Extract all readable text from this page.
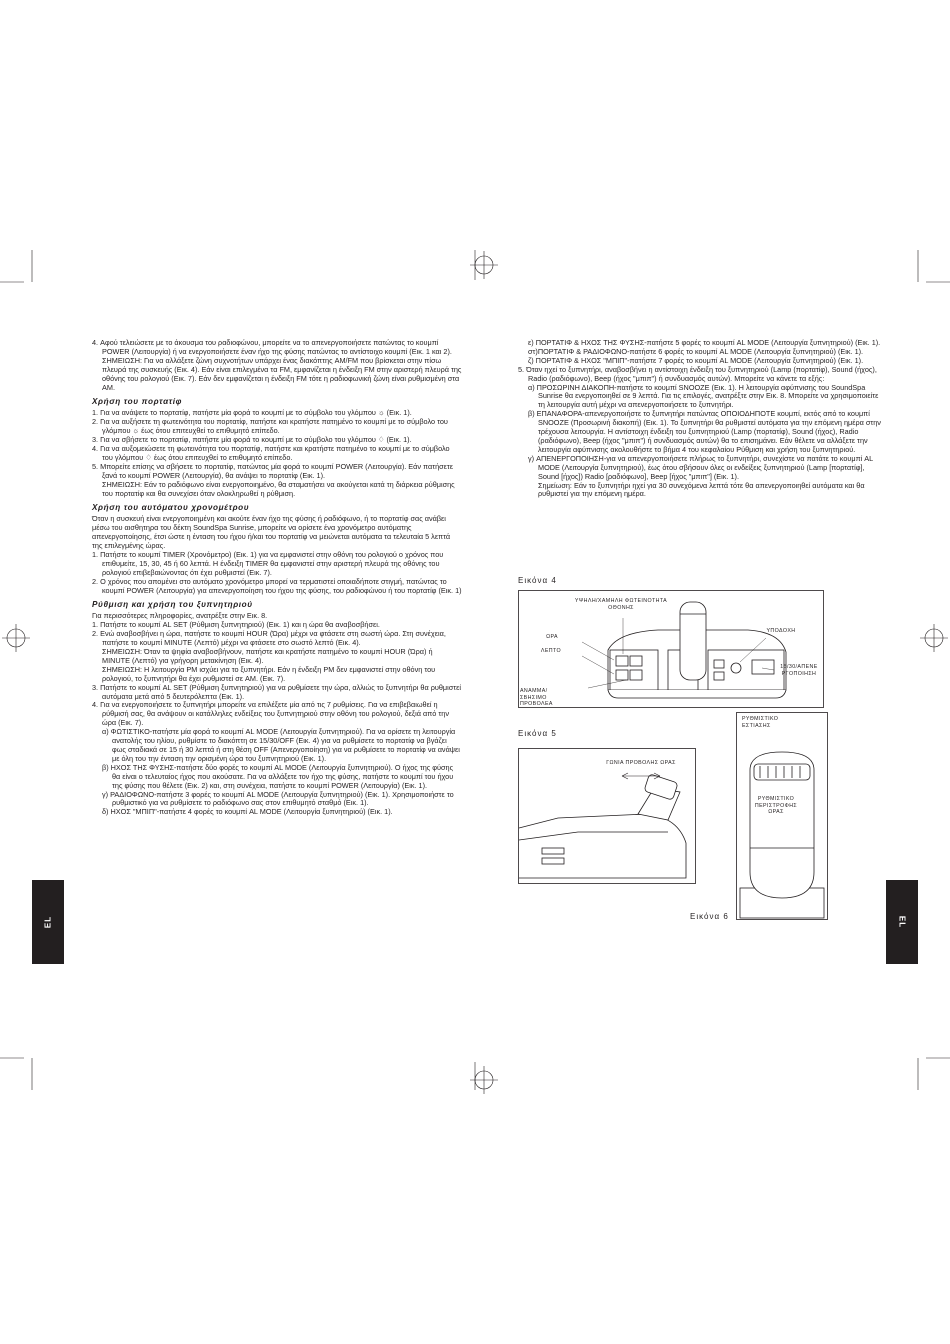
4. Αφού τελειώσετε με το άκουσμα του ραδιοφώνου, μπορείτε να το απενεργοποιήσετε πατώντας το κουμπί POWER (Λειτουργία) ή να ενεργοποιήσετε έναν ήχο της φύσης πατώντας το αντίστοιχο κουμπί (Εικ. 1 και 2).

ΣΗΜΕΙΩΣΗ: Για να αλλάξετε ζώνη συχνοτήτων υπάρχει ένας διακόπτης AM/FM που βρίσκεται στην πίσω πλευρά της συσκευής (Εικ. 4). Εάν είναι επιλεγμένα τα FM, εμφανίζεται η ένδειξη FM στην αριστερή πλευρά της οθόνης του ρολογιού (Εικ. 7). Εάν δεν εμφανίζεται η ένδειξη FM τότε η ραδιοφωνική ζώνη είναι ρυθμισμένη στα AM.

Χρήση του πορτατίφ

1. Για να ανάψετε το πορτατίφ, πατήστε μία φορά το κουμπί με το σύμβολο του γλόμπου ☼ (Εικ. 1).

2. Για να αυξήσετε τη φωτεινότητα του πορτατίφ, πατήστε και κρατήστε πατημένο το κουμπί με το σύμβολο του γλόμπου ☼ έως ότου επιτευχθεί το επιθυμητό επίπεδο.

3. Για να σβήσετε το πορτατίφ, πατήστε μία φορά το κουμπί με το σύμβολο του γλόμπου ♢ (Εικ. 1).

4. Για να αυξομειώσετε τη φωτεινότητα του πορτατίφ, πατήστε και κρατήστε πατημένο το κουμπί με το σύμβολο του γλόμπου ♢ έως ότου επιτευχθεί το επιθυμητό επίπεδο.

5. Μπορείτε επίσης να σβήσετε το πορτατίφ, πατώντας μία φορά το κουμπί POWER (Λειτουργία). Εάν πατήσετε ξανά το κουμπί POWER (Λειτουργία), θα ανάψει το πορτατίφ (Εικ. 1).

ΣΗΜΕΙΩΣΗ: Εάν το ραδιόφωνο είναι ενεργοποιημένο, θα σταματήσει να ακούγεται κατά τη διάρκεια ρύθμισης του πορτατίφ και θα συνεχίσει όταν ολοκληρωθεί η ρύθμιση.

Χρήση του αυτόματου χρονομέτρου

Όταν η συσκευή είναι ενεργοποιημένη και ακούτε έναν ήχο της φύσης ή ραδιόφωνο, ή το πορτατίφ σας ανάβει μέσω του αισθητηρα του δέκτη SoundSpa Sunrise, μπορείτε να ορίσετε ένα χρονόμετρο αυτόματης απενεργοποίησης, έτσι ώστε η ένταση του ήχου ή/και του πορτατίφ να μειώνεται αυτόματα τα τελευταία 5 λεπτά της επιλεγμένης ώρας.

1. Πατήστε το κουμπί TIMER (Χρονόμετρο) (Εικ. 1) για να εμφανιστεί στην οθόνη του ρολογιού ο χρόνος που επιθυμείτε, 15, 30, 45 ή 60 λεπτά. Η ένδειξη TIMER θα εμφανιστεί στην αριστερή πλευρά της οθόνης του ρολογιού επιβεβαιώνοντας ότι έχει ρυθμιστεί (Εικ. 7).

2. Ο χρόνος που απομένει στο αυτόματο χρονόμετρο μπορεί να τερματιστεί οποιαδήποτε στιγμή, πατώντας το κουμπί POWER (Λειτουργία) για απενεργοποίηση του ήχου της φύσης, του ραδιοφώνου ή του πορτατίφ (Εικ. 1)

Ρύθμιση και χρήση του ξυπνητηριού

Για περισσότερες πληροφορίες, ανατρέξτε στην Εικ. 8.

1. Πατήστε το κουμπί AL SET (Ρύθμιση ξυπνητηριού) (Εικ. 1) και η ώρα θα αναβοσβήσει.

2. Ενώ αναβοσβήνει η ώρα, πατήστε το κουμπί HOUR (Ώρα) μέχρι να φτάσετε στη σωστή ώρα. Στη συνέχεια, πατήστε το κουμπί MINUTE (Λεπτό) μέχρι να φτάσετε στο σωστό λεπτό (Εικ. 4).

ΣΗΜΕΙΩΣΗ: Όταν τα ψηφία αναβοσβήνουν, πατήστε και κρατήστε πατημένο το κουμπί HOUR (Ώρα) ή MINUTE (Λεπτό) για γρήγορη μετακίνηση (Εικ. 4).

ΣΗΜΕΙΩΣΗ: Η λειτουργία PM ισχύει για το ξυπνητήρι. Εάν η ένδειξη PM δεν εμφανιστεί στην οθόνη του ρολογιού, το ξυπνητήρι θα έχει ρυθμιστεί σε AM. (Εικ. 7).

3. Πατήστε το κουμπί AL SET (Ρύθμιση ξυπνητηριού) για να ρυθμίσετε την ώρα, αλλιώς το ξυπνητήρι θα ρυθμιστεί αυτόματα μετά από 5 δευτερόλεπτα (Εικ. 1).

4. Για να ενεργοποιήσετε το ξυπνητήρι μπορείτε να επιλέξετε μία από τις 7 ρυθμίσεις. Για να επιβεβαιωθεί η ρύθμισή σας, θα ανάψουν οι κατάλληλες ενδείξεις του ξυπνητηριού στην οθόνη του ρολογιού, δεξιά από την ώρα (Εικ. 7).

α) ΦΩΤΙΣΤΙΚΟ-πατήστε μία φορά το κουμπί AL MODE (Λειτουργία ξυπνητηριού). Για να ορίσετε τη λειτουργία ανατολής του ηλίου, ρυθμίστε το διακόπτη σε 15/30/OFF (Εικ. 4) για να ρυθμίσετε το πορτατίφ να βγάζει φως σταδιακά σε 15 ή 30 λεπτά ή στη θέση OFF (Απενεργοποίηση) για να ρυθμίσετε το πορτατίφ να ανάψει με όλη του την ένταση την ορισμένη ώρα του ξυπνητηριού (Εικ. 1).

β) ΗΧΟΣ ΤΗΣ ΦΥΣΗΣ-πατήστε δύο φορές το κουμπί AL MODE (Λειτουργία ξυπνητηριού). Ο ήχος της φύσης θα είναι ο τελευταίος ήχος που ακούσατε. Για να αλλάξετε τον ήχο της φύσης, πατήστε το κουμπί του ήχου της φύσης που θέλετε (Εικ. 2) και, στη συνέχεια, πατήστε το κουμπί POWER (Λειτουργία) (Εικ. 1).

γ) ΡΑΔΙΟΦΩΝΟ-πατήστε 3 φορές το κουμπί AL MODE (Λειτουργία ξυπνητηριού) (Εικ. 1). Χρησιμοποιήστε το ρυθμιστικό για να ρυθμίσετε το ραδιόφωνο σας στον επιθυμητό σταθμό (Εικ. 1).

δ) ΗΧΟΣ "ΜΠΙΠ"-πατήστε 4 φορές το κουμπί AL MODE (Λειτουργία ξυπνητηριού) (Εικ. 1).

ε) ΠΟΡΤΑΤΙΦ & ΗΧΟΣ ΤΗΣ ΦΥΣΗΣ-πατήστε 5 φορές το κουμπί AL MODE (Λειτουργία ξυπνητηριού) (Εικ. 1).

στ)ΠΟΡΤΑΤΙΦ & ΡΑΔΙΟΦΩΝΟ-πατήστε 6 φορές το κουμπί AL MODE (Λειτουργία ξυπνητηριού) (Εικ. 1).

ζ) ΠΟΡΤΑΤΙΦ & ΗΧΟΣ "ΜΠΙΠ"-πατήστε 7 φορές το κουμπί AL MODE (Λειτουργία ξυπνητηριού) (Εικ. 1).

5. Όταν ηχεί το ξυπνητήρι, αναβοσβήνει η αντίστοιχη ένδειξη του ξυπνητηριού (Lamp (πορτατίφ), Sound (ήχος), Radio (ραδιόφωνο), Beep (ήχος "μπιπ") ή συνδυασμός αυτών). Μπορείτε να κάνετε τα εξής:

α) ΠΡΟΣΩΡΙΝΗ ΔΙΑΚΟΠΗ-πατήστε το κουμπί SNOOZE (Εικ. 1). Η λειτουργία αφύπνισης του SoundSpa Sunrise θα ενεργοποιηθεί σε 9 λεπτά. Για τις επιλογές, ανατρέξτε στην Εικ. 8. Μπορείτε να χρησιμοποιείτε τη λειτουργία αυτή μέχρι να απενεργοποιήσετε το ξυπνητήρι.

β) ΕΠΑΝΑΦΟΡΑ-απενεργοποιήστε το ξυπνητήρι πατώντας ΟΠΟΙΟΔΗΠΟΤΕ κουμπί, εκτός από το κουμπί SNOOZE (Προσωρινή διακοπή) (Εικ. 1). Το ξυπνητήρι θα ρυθμιστεί αυτόματα για την επόμενη ημέρα στην τρέχουσα λειτουργία. Η αντίστοιχη ένδειξη του ξυπνητηριού (Lamp (πορτατίφ), Sound (ήχος), Radio (ραδιόφωνο), Beep (ήχος "μπιπ") ή συνδυασμός αυτών) θα το επισημάνει. Εάν θέλετε να αλλάξετε την λειτουργία αφύπνισης ακολουθήστε το βήμα 4 του κεφαλαίου Ρύθμιση και χρήση του ξυπνητηριού.

γ) ΑΠΕΝΕΡΓΟΠΟΙΗΣΗ-για να απενεργοποιήσετε πλήρως το ξυπνητήρι, συνεχίστε να πατάτε το κουμπί AL MODE (Λειτουργία ξυπνητηριού), έως ότου σβήσουν όλες οι ενδείξεις ξυπνητηριού (Lamp [πορτατίφ], Sound [ήχος]) Radio [ραδιόφωνο], Beep [ήχος "μπιπ"] (Εικ. 1).

Σημείωση: Εάν το ξυπνητήρι ηχεί για 30 συνεχόμενα λεπτά τότε θα απενεργοποιηθεί αυτόματα και θα ρυθμιστεί για την επόμενη ημέρα.

Εικόνα 4
ΥΨΗΛΗ/ΧΑΜΗΛΗ ΦΩΤΕΙΝΟΤΗΤΑ ΟΘΟΝΗΣ
ΩΡΑ
ΛΕΠΤΟ
ΑΝΑΜΜΑ/ΣΒΗΣΙΜΟ ΠΡΟΒΟΛΕΑ
ΥΠΟΔΟΧΗ
15/30/ΑΠΕΝΕ ΡΓΟΠΟΙΗΣΗ
Εικόνα 5
ΓΩΝΙΑ ΠΡΟΒΟΛΗΣ ΩΡΑΣ
ΡΥΘΜΙΣΤΙΚΟ ΕΣΤΙΑΣΗΣ
ΡΥΘΜΙΣΤΙΚΟ ΠΕΡΙΣΤΡΟΦΗΣ ΩΡΑΣ
Εικόνα 6
EL	EL
